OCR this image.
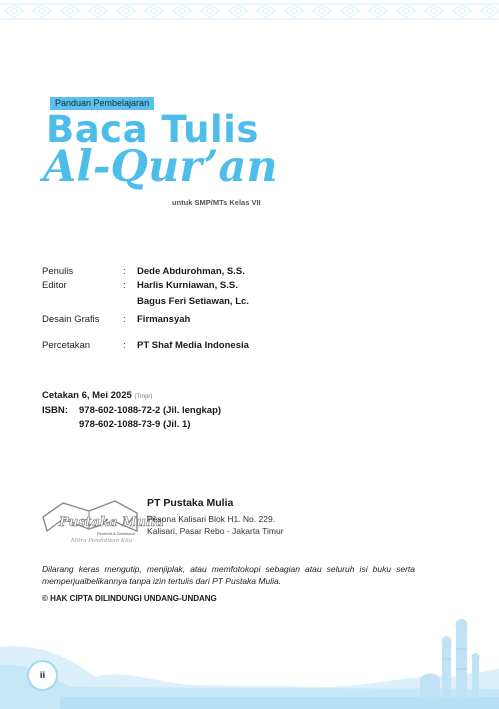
Panduan Pembelajaran
Baca Tulis
Al-Qur’an
untuk SMP/MTs Kelas VII
Penulis	:	Dede Abdurohman, S.S.
Editor	:	Harlis Kurniawan, S.S.
Bagus Feri Setiawan, Lc.
Desain Grafis	:	Firmansyah
Percetakan	:	PT Shaf Media Indonesia
Cetakan 6, Mei 2025 (Tmpr)
ISBN:	978-602-1088-72-2 (Jil. lengkap)
978-602-1088-73-9 (Jil. 1)
Pustaka Mulia
Penerbit & Distributor
Mitra Pendidikan Kita
PT Pustaka Mulia
Pesona Kalisari Blok H1. No. 229.
Kalisari, Pasar Rebo - Jakarta Timur
Dilarang keras mengutip, menjiplak, atau memfotokopi sebagian atau seluruh isi buku serta memperjualbelikannya tanpa izin tertulis dari PT Pustaka Mulia.
© HAK CIPTA DILINDUNGI UNDANG-UNDANG
ii
